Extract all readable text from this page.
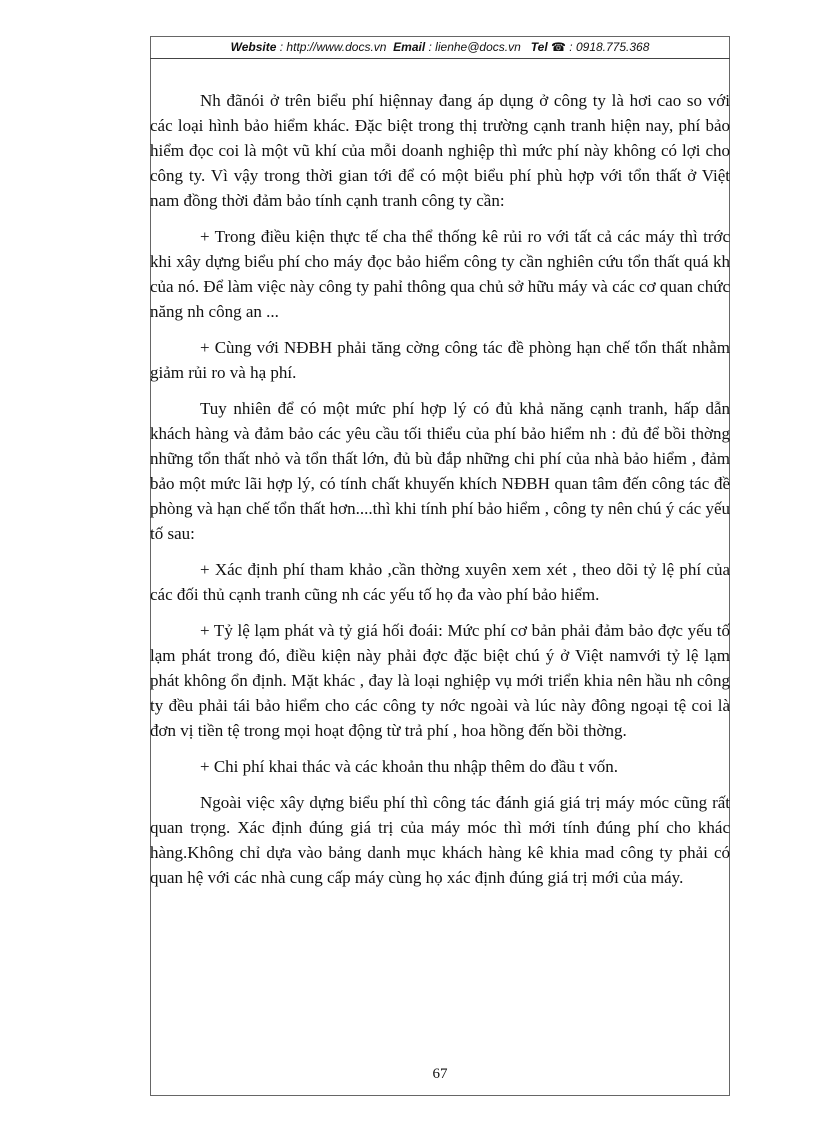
Website : http://www.docs.vn Email : lienhe@docs.vn Tel ☎ : 0918.775.368

Nh đãnói ở trên biểu phí hiệnnay đang áp dụng ở công ty là hơi cao so với các loại hình bảo hiểm khác. Đặc biệt trong thị trường cạnh tranh hiện nay, phí bảo hiểm đọc coi là một vũ khí của mỗi doanh nghiệp thì mức phí này không có lợi cho công ty. Vì vậy trong thời gian tới để có một biểu phí phù hợp với tổn thất ở Việt nam đồng thời đảm bảo tính cạnh tranh công ty cần:

+ Trong điều kiện thực tế cha thể thống kê rủi ro với tất cả các máy thì trớc khi xây dựng biểu phí cho máy đọc bảo hiểm công ty cần nghiên cứu tổn thất quá kh của nó. Để làm việc này công ty pahỉ thông qua chủ sở hữu máy và các cơ quan chức năng nh công an ...

+ Cùng với NĐBH phải tăng cờng công tác đề phòng hạn chế tổn thất nhằm giảm rủi ro và hạ phí.

Tuy nhiên để có một mức phí hợp lý có đủ khả năng cạnh tranh, hấp dẫn khách hàng và đảm bảo các yêu cầu tối thiểu của phí bảo hiểm nh : đủ để bồi thờng những tổn thất nhỏ và tổn thất lớn, đủ bù đắp những chi phí của nhà bảo hiểm , đảm bảo một mức lãi hợp lý, có tính chất khuyến khích NĐBH quan tâm đến công tác đề phòng và hạn chế tổn thất hơn....thì khi tính phí bảo hiểm , công ty nên chú ý các yếu tố sau:

+ Xác định phí tham khảo ,cần thờng xuyên xem xét , theo dõi tỷ lệ phí của các đối thủ cạnh tranh cũng nh các yếu tố họ đa vào phí bảo hiểm.

+ Tỷ lệ lạm phát và tỷ giá hối đoái: Mức phí cơ bản phải đảm bảo đợc yếu tố lạm phát trong đó, điều kiện này phải đợc đặc biệt chú ý ở Việt namvới tỷ lệ lạm phát không ổn định. Mặt khác , đay là loại nghiệp vụ mới triển khia nên hầu nh công ty đều phải tái bảo hiểm cho các công ty nớc ngoài và lúc này đông ngoại tệ coi là đơn vị tiền tệ trong mọi hoạt động từ trả phí , hoa hồng đến bồi thờng.

+ Chi phí khai thác và các khoản thu nhập thêm do đầu t vốn.

Ngoài việc xây dựng biểu phí thì công tác đánh giá giá trị máy móc cũng rất quan trọng. Xác định đúng giá trị của máy móc thì mới tính đúng phí cho khác hàng.Không chỉ dựa vào bảng danh mục khách hàng kê khia mad công ty phải có quan hệ với các nhà cung cấp máy cùng họ xác định đúng giá trị mới của máy.

67
